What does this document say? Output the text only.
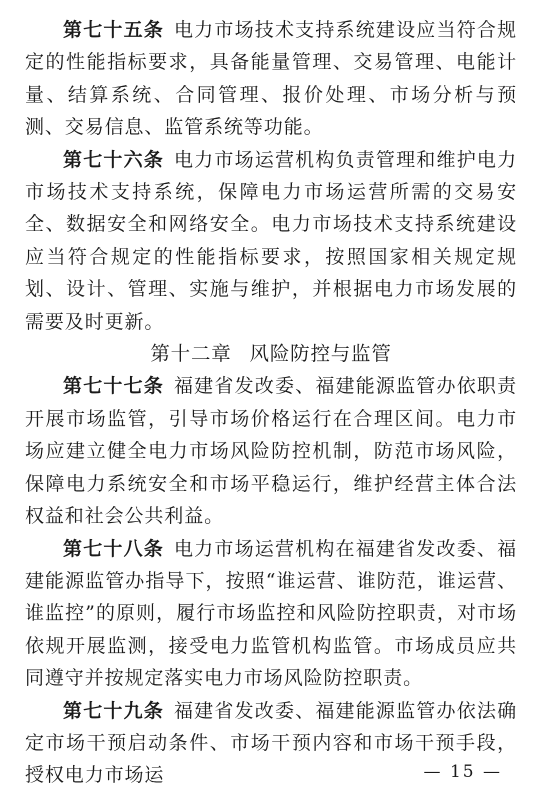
第七十五条 电力市场技术支持系统建设应当符合规定的性能指标要求，具备能量管理、交易管理、电能计量、结算系统、合同管理、报价处理、市场分析与预测、交易信息、监管系统等功能。

第七十六条 电力市场运营机构负责管理和维护电力市场技术支持系统，保障电力市场运营所需的交易安全、数据安全和网络安全。电力市场技术支持系统建设应当符合规定的性能指标要求，按照国家相关规定规划、设计、管理、实施与维护，并根据电力市场发展的需要及时更新。

第十二章 风险防控与监管

第七十七条 福建省发改委、福建能源监管办依职责开展市场监管，引导市场价格运行在合理区间。电力市场应建立健全电力市场风险防控机制，防范市场风险，保障电力系统安全和市场平稳运行，维护经营主体合法权益和社会公共利益。

第七十八条 电力市场运营机构在福建省发改委、福建能源监管办指导下，按照“谁运营、谁防范，谁运营、谁监控”的原则，履行市场监控和风险防控职责，对市场依规开展监测，接受电力监管机构监管。市场成员应共同遵守并按规定落实电力市场风险防控职责。

第七十九条 福建省发改委、福建能源监管办依法确定市场干预启动条件、市场干预内容和市场干预手段，授权电力市场运	— 15 —
